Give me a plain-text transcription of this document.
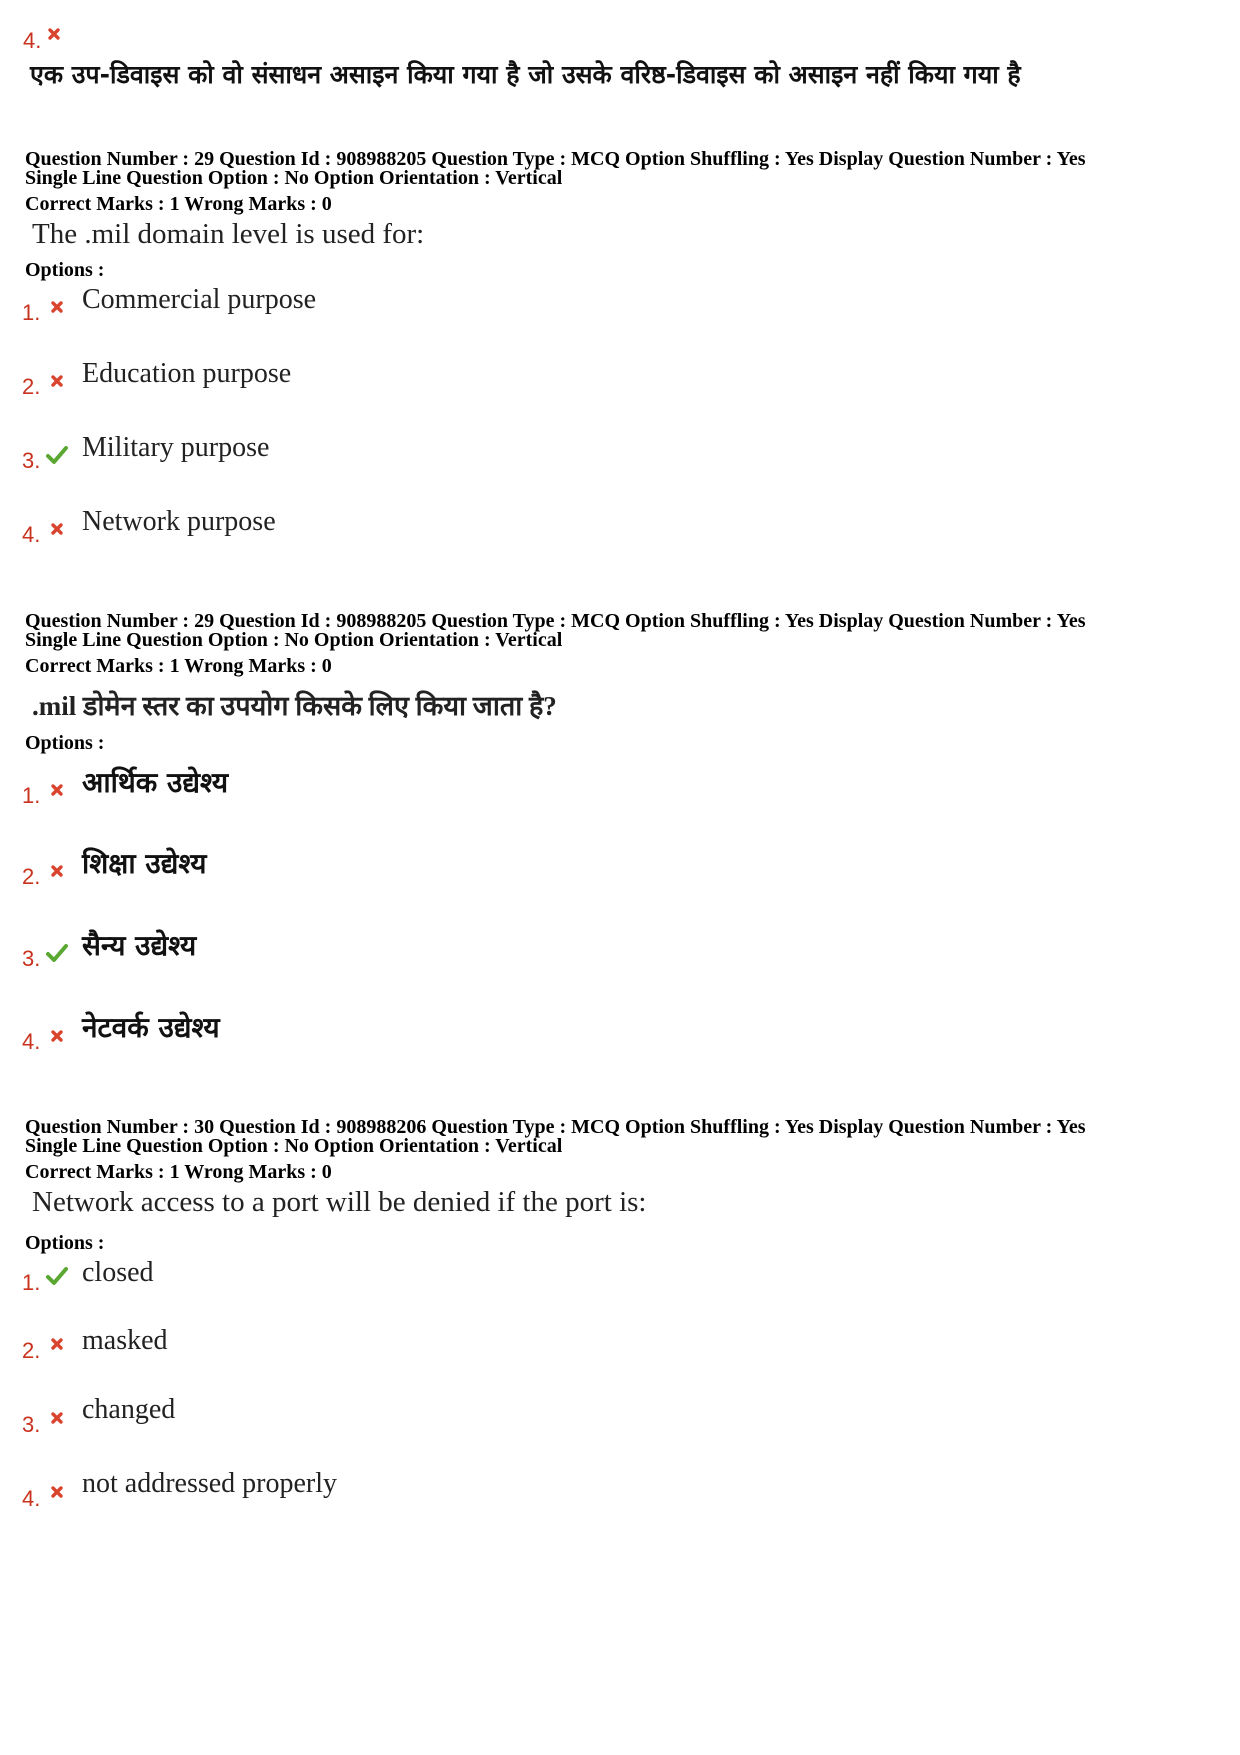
4.
एक उप-डिवाइस को वो संसाधन असाइन किया गया है जो उसके वरिष्ठ-डिवाइस को असाइन नहीं किया गया है
Question Number : 29 Question Id : 908988205 Question Type : MCQ Option Shuffling : Yes Display Question Number : Yes
Single Line Question Option : No Option Orientation : Vertical
Correct Marks : 1 Wrong Marks : 0
The .mil domain level is used for:
Options :
1. Commercial purpose
2. Education purpose
3. Military purpose
4. Network purpose
Question Number : 29 Question Id : 908988205 Question Type : MCQ Option Shuffling : Yes Display Question Number : Yes
Single Line Question Option : No Option Orientation : Vertical
Correct Marks : 1 Wrong Marks : 0
.mil डोमेन स्तर का उपयोग किसके लिए किया जाता है?
Options :
1. आर्थिक उद्येश्य
2. शिक्षा उद्येश्य
3. सैन्य उद्येश्य
4. नेटवर्क उद्येश्य
Question Number : 30 Question Id : 908988206 Question Type : MCQ Option Shuffling : Yes Display Question Number : Yes
Single Line Question Option : No Option Orientation : Vertical
Correct Marks : 1 Wrong Marks : 0
Network access to a port will be denied if the port is:
Options :
1. closed
2. masked
3. changed
4. not addressed properly
